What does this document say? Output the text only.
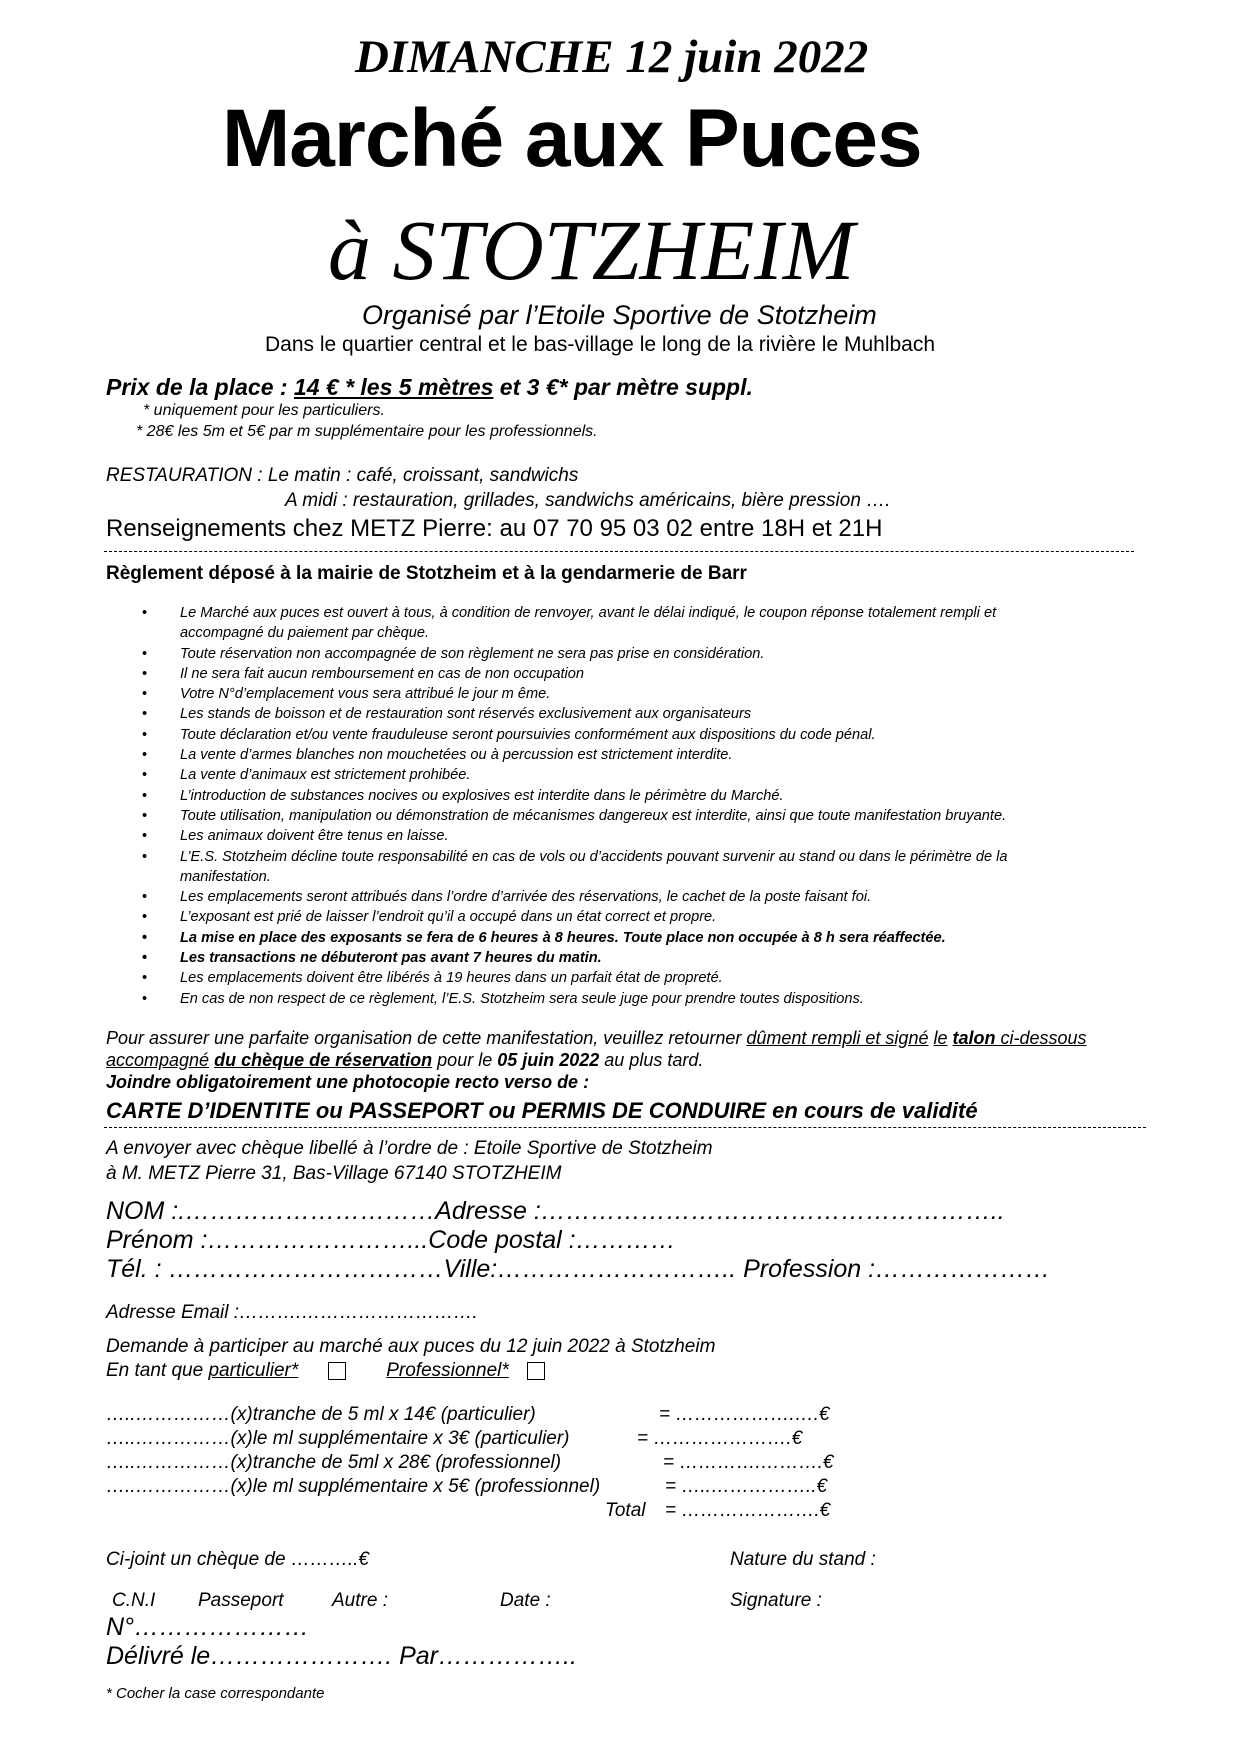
DIMANCHE 12 juin 2022
Marché aux Puces
à STOTZHEIM
Organisé par l’Etoile Sportive de Stotzheim
Dans le quartier central et le bas-village le long de la rivière le Muhlbach
Prix de la place : 14 € * les 5 mètres et 3 €* par mètre suppl.
* uniquement pour les particuliers.
* 28€ les 5m et 5€ par m supplémentaire pour les professionnels.
RESTAURATION : Le matin : café, croissant, sandwichs
A midi : restauration, grillades, sandwichs américains, bière pression ….
Renseignements chez METZ Pierre: au 07 70 95 03 02 entre 18H et 21H
Règlement déposé à la mairie de Stotzheim et à la gendarmerie de Barr
• Le Marché aux puces est ouvert à tous, à condition de renvoyer, avant le délai indiqué, le coupon réponse totalement rempli et
accompagné du paiement par chèque.
• Toute réservation non accompagnée de son règlement ne sera pas prise en considération.
• Il ne sera fait aucun remboursement en cas de non occupation
• Votre N°d’emplacement vous sera attribué le jour m ême.
• Les stands de boisson et de restauration sont réservés exclusivement aux organisateurs
• Toute déclaration et/ou vente frauduleuse seront poursuivies conformément aux dispositions du code pénal.
• La vente d’armes blanches non mouchetées ou à percussion est strictement interdite.
• La vente d’animaux est strictement prohibée.
• L’introduction de substances nocives ou explosives est interdite dans le périmètre du Marché.
• Toute utilisation, manipulation ou démonstration de mécanismes dangereux est interdite, ainsi que toute manifestation bruyante.
• Les animaux doivent être tenus en laisse.
• L’E.S. Stotzheim décline toute responsabilité en cas de vols ou d’accidents pouvant survenir au stand ou dans le périmètre de la
manifestation.
• Les emplacements seront attribués dans l’ordre d’arrivée des réservations, le cachet de la poste faisant foi.
• L’exposant est prié de laisser l’endroit qu’il a occupé dans un état correct et propre.
• La mise en place des exposants se fera de 6 heures à 8 heures. Toute place non occupée à 8 h sera réaffectée.
• Les transactions ne débuteront pas avant 7 heures du matin.
• Les emplacements doivent être libérés à 19 heures dans un parfait état de propreté.
• En cas de non respect de ce règlement, l’E.S. Stotzheim sera seule juge pour prendre toutes dispositions.
Pour assurer une parfaite organisation de cette manifestation, veuillez retourner dûment rempli et signé le talon ci-dessous
accompagné du chèque de réservation pour le 05 juin 2022 au plus tard.
Joindre obligatoirement une photocopie recto verso de :
CARTE D’IDENTITE ou PASSEPORT ou PERMIS DE CONDUIRE en cours de validité
A envoyer avec chèque libellé à l’ordre de : Etoile Sportive de Stotzheim
à M. METZ Pierre 31, Bas-Village 67140 STOTZHEIM
NOM :.…………………………Adresse :………………………………………………..
Prénom :……………………...Code postal :…………
Tél. : ……………………………Ville:……………………….. Profession :…………………
Adresse Email :……….……………………….
Demande à participer au marché aux puces du 12 juin 2022 à Stotzheim
En tant que particulier*	Professionnel*
…..……………(x)tranche de 5 ml x 14€ (particulier)	= ……………….….€
…..……………(x)le ml supplémentaire x 3€ (particulier)	= ………………….€
…..……………(x)tranche de 5ml x 28€ (professionnel)	= ………….……….€
…..……………(x)le ml supplémentaire x 5€ (professionnel)	= …..……………..€
Total = ………………….€
Ci-joint un chèque de ………..€	Nature du stand :
C.N.I Passeport	Autre :	Date :	Signature :
N°…………………
Délivré le…………………. Par……………..
* Cocher la case correspondante
